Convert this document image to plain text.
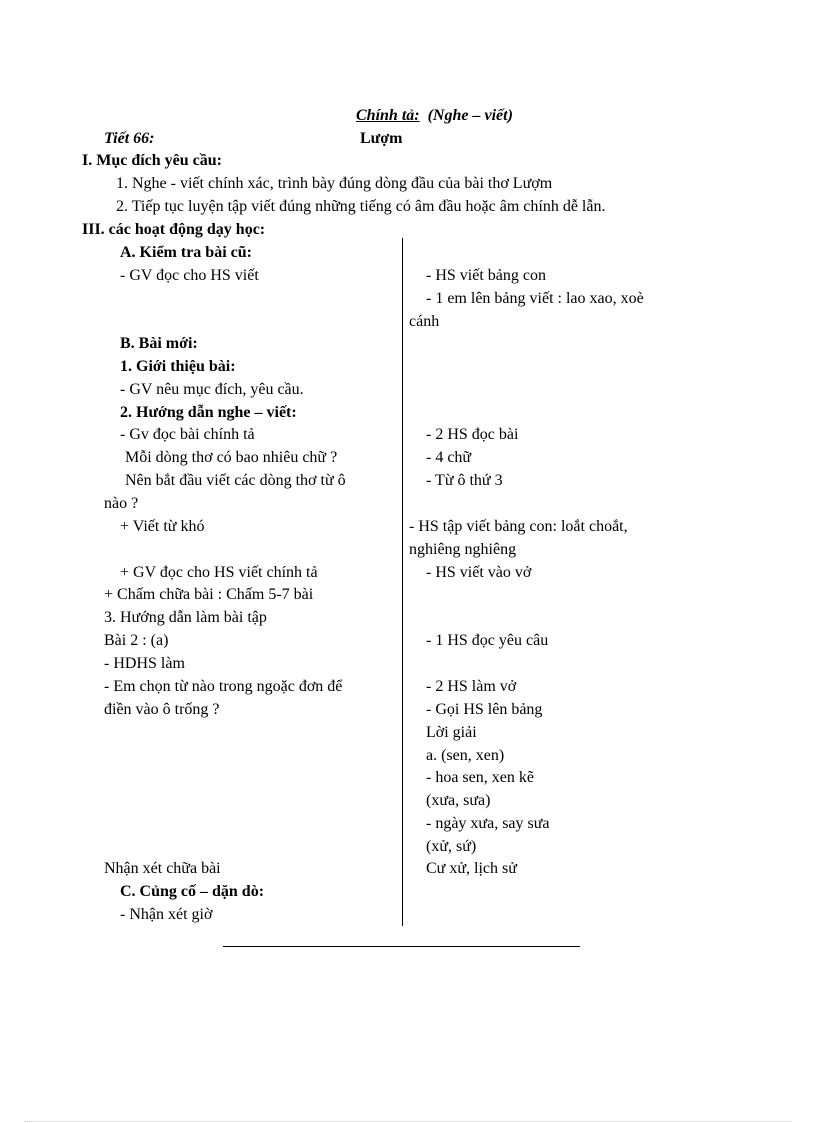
Chính tả: (Nghe – viết)
Tiết 66:	Lượm
I. Mục đích yêu cầu:
1. Nghe - viết chính xác, trình bày đúng dòng đầu của bài thơ Lượm
2. Tiếp tục luyện tập viết đúng những tiếng có âm đầu hoặc âm chính dễ lẫn.
III. các hoạt động dạy học:
A. Kiểm tra bài cũ:
- GV đọc cho HS viết
B. Bài mới:
1. Giới thiệu bài:
- GV nêu mục đích, yêu cầu.
2. Hướng dẫn nghe – viết:
- Gv đọc bài chính tả
Mỗi dòng thơ có bao nhiêu chữ ?
Nên bắt đầu viết các dòng thơ từ ô
nào ?
+ Viết từ khó
+ GV đọc cho HS viết chính tả
+ Chấm chữa bài : Chấm 5-7 bài
3. Hướng dẫn làm bài tập
Bài 2 : (a)
- HDHS làm
- Em chọn từ nào trong ngoặc đơn để
điền vào ô trống ?
Nhận xét chữa bài
C. Củng cố – dặn dò:
- Nhận xét giờ
- HS viết bảng con
- 1 em lên bảng viết : lao xao, xoè
cánh
- 2 HS đọc bài
- 4 chữ
- Từ ô thứ 3
- HS tập viết bảng con: loắt choắt,
nghiêng nghiêng
- HS viết vào vở
- 1 HS đọc yêu câu
- 2 HS làm vở
- Gọi HS lên bảng
Lời giải
a. (sen, xen)
- hoa sen, xen kẽ
(xưa, sưa)
- ngày xưa, say sưa
(xử, sứ)
Cư xử, lịch sử
